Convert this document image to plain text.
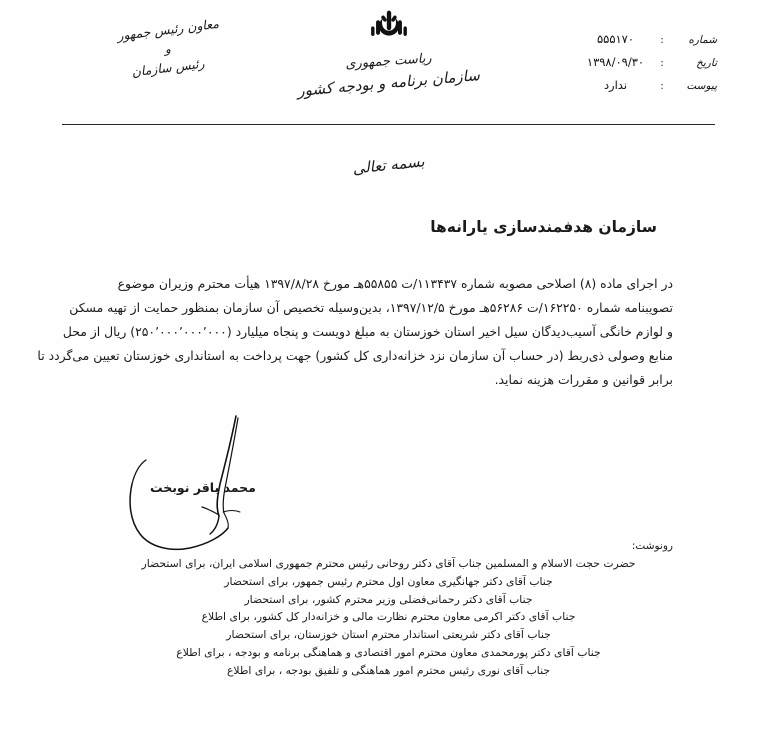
شماره
:
۵۵۵۱۷۰
تاریخ
:
۱۳۹۸/۰۹/۳۰
پیوست
:
ندارد
ریاست جمهوری
سازمان برنامه و بودجه کشور
معاون رئیس جمهور
و
رئیس سازمان
بسمه تعالی
سازمان هدفمندسازی یارانه‌ها
در اجرای ماده (۸) اصلاحی مصوبه شماره ۱۱۳۴۳۷/ت ۵۵۸۵۵هـ مورخ ۱۳۹۷/۸/۲۸ هیأت محترم وزیران موضوع
تصویبنامه شماره ۱۶۲۲۵۰/ت ۵۶۲۸۶هـ مورخ ۱۳۹۷/۱۲/۵، بدین‌وسیله تخصیص آن سازمان بمنظور حمایت از تهیه مسکن
و لوازم خانگی آسیب‌دیدگان سیل اخیر استان خوزستان به مبلغ دویست و پنجاه میلیارد (۲۵۰٬۰۰۰٬۰۰۰٬۰۰۰) ریال از محل
منابع وصولی ذی‌ربط (در حساب آن سازمان نزد خزانه‌داری کل کشور) جهت پرداخت به استانداری خوزستان تعیین می‌گردد تا
برابر قوانین و مقررات هزینه نماید.
محمد باقر نوبخت
رونوشت:
حضرت حجت الاسلام و المسلمین جناب آقای دکتر روحانی رئیس محترم جمهوری اسلامی ایران، برای استحضار
جناب آقای دکتر جهانگیری معاون اول محترم رئیس جمهور، برای استحضار
جناب آقای دکتر رحمانی‌فضلی وزیر محترم کشور، برای استحضار
جناب آقای دکتر اکرمی معاون محترم نظارت مالی و خزانه‌دار کل کشور، برای اطلاع
جناب آقای دکتر شریعتی استاندار محترم استان خوزستان، برای استحضار
جناب آقای دکتر پورمحمدی معاون محترم امور اقتصادی و هماهنگی برنامه و بودجه ، برای اطلاع
جناب آقای نوری رئیس محترم امور هماهنگی و تلفیق بودجه ، برای اطلاع
